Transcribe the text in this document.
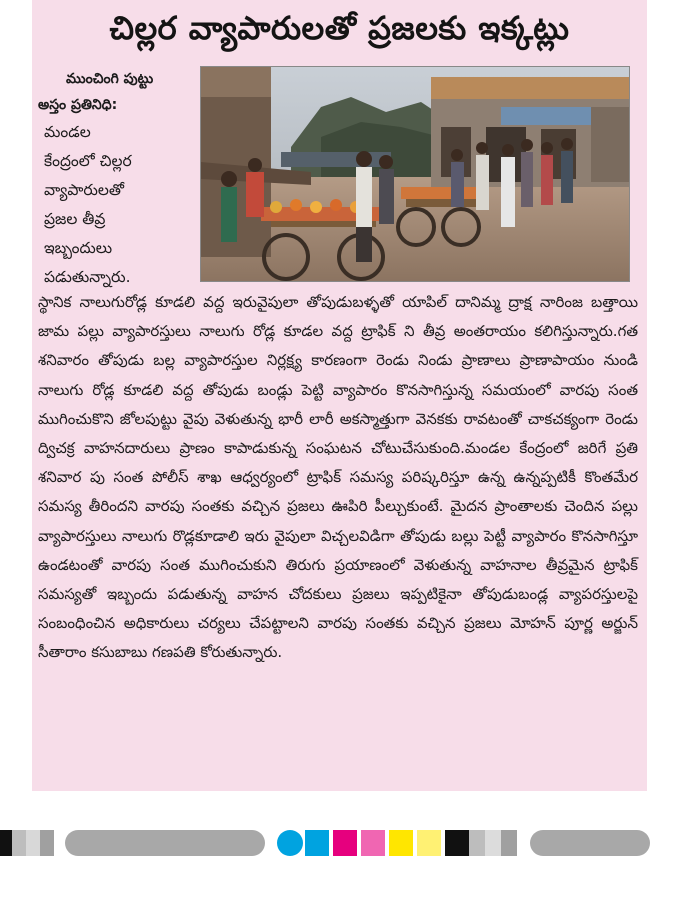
చిల్లర వ్యాపారులతో ప్రజలకు ఇక్కట్లు
ముంచింగి పుట్టు
అస్తం ప్రతినిధి:
మండల
కేంద్రంలో చిల్లర
వ్యాపారులతో
ప్రజల తీవ్ర
ఇబ్బందులు
పడుతున్నారు.
స్థానిక నాలుగురోడ్ల కూడలి వద్ద ఇరువైపులా తోపుడుబళ్ళతో యాపిల్ దానిమ్మ ద్రాక్ష నారింజ బత్తాయి జామ పల్లు వ్యాపారస్తులు నాలుగు రోడ్ల కూడల వద్ద ట్రాఫిక్ ని తీవ్ర అంతరాయం కలిగిస్తున్నారు.గత శనివారం తోపుడు బల్ల వ్యాపారస్తుల నిర్లక్ష్య కారణంగా రెండు నిండు ప్రాణాలు ప్రాణాపాయం నుండి నాలుగు రోడ్ల కూడలి వద్ద తోపుడు బండ్లు పెట్టి వ్యాపారం కొనసాగిస్తున్న సమయంలో వారపు సంత ముగించుకొని జోలపుట్టు వైపు వెళుతున్న భారీ లారీ అకస్మాత్తుగా వెనకకు రావటంతో చాకచక్యంగా రెండు ద్విచక్ర వాహనదారులు ప్రాణం కాపాడుకున్న సంఘటన చోటుచేసుకుంది.మండల కేంద్రంలో జరిగే ప్రతి శనివార పు సంత పోలీస్ శాఖ ఆధ్వర్యంలో ట్రాఫిక్ సమస్య పరిష్కరిస్తూ ఉన్న ఉన్నప్పటికీ కొంతమేర సమస్య తీరిందని వారపు సంతకు వచ్చిన ప్రజలు ఊపిరి పీల్చుకుంటే. మైదన ప్రాంతాలకు చెందిన పల్లు వ్యాపారస్తులు నాలుగు రొడ్లకూడాలి ఇరు వైపులా విచ్చలవిడిగా తోపుడు బల్లు పెట్టీ వ్యాపారం కొనసాగిస్తూ ఉండటంతో వారపు సంత ముగించుకుని తిరుగు ప్రయాణంలో వెళుతున్న వాహనాల తీవ్రమైన ట్రాఫిక్ సమస్యతో ఇబ్బందు పడుతున్న వాహన చోదకులు ప్రజలు ఇప్పటికైనా తోపుడుబండ్ల వ్యాపరస్తులపై సంబంధించిన అధికారులు చర్యలు చేపట్టాలని వారపు సంతకు వచ్చిన ప్రజలు మోహన్ పూర్ణ అర్జున్ సీతారాం కసుబాబు గణపతి కోరుతున్నారు.
